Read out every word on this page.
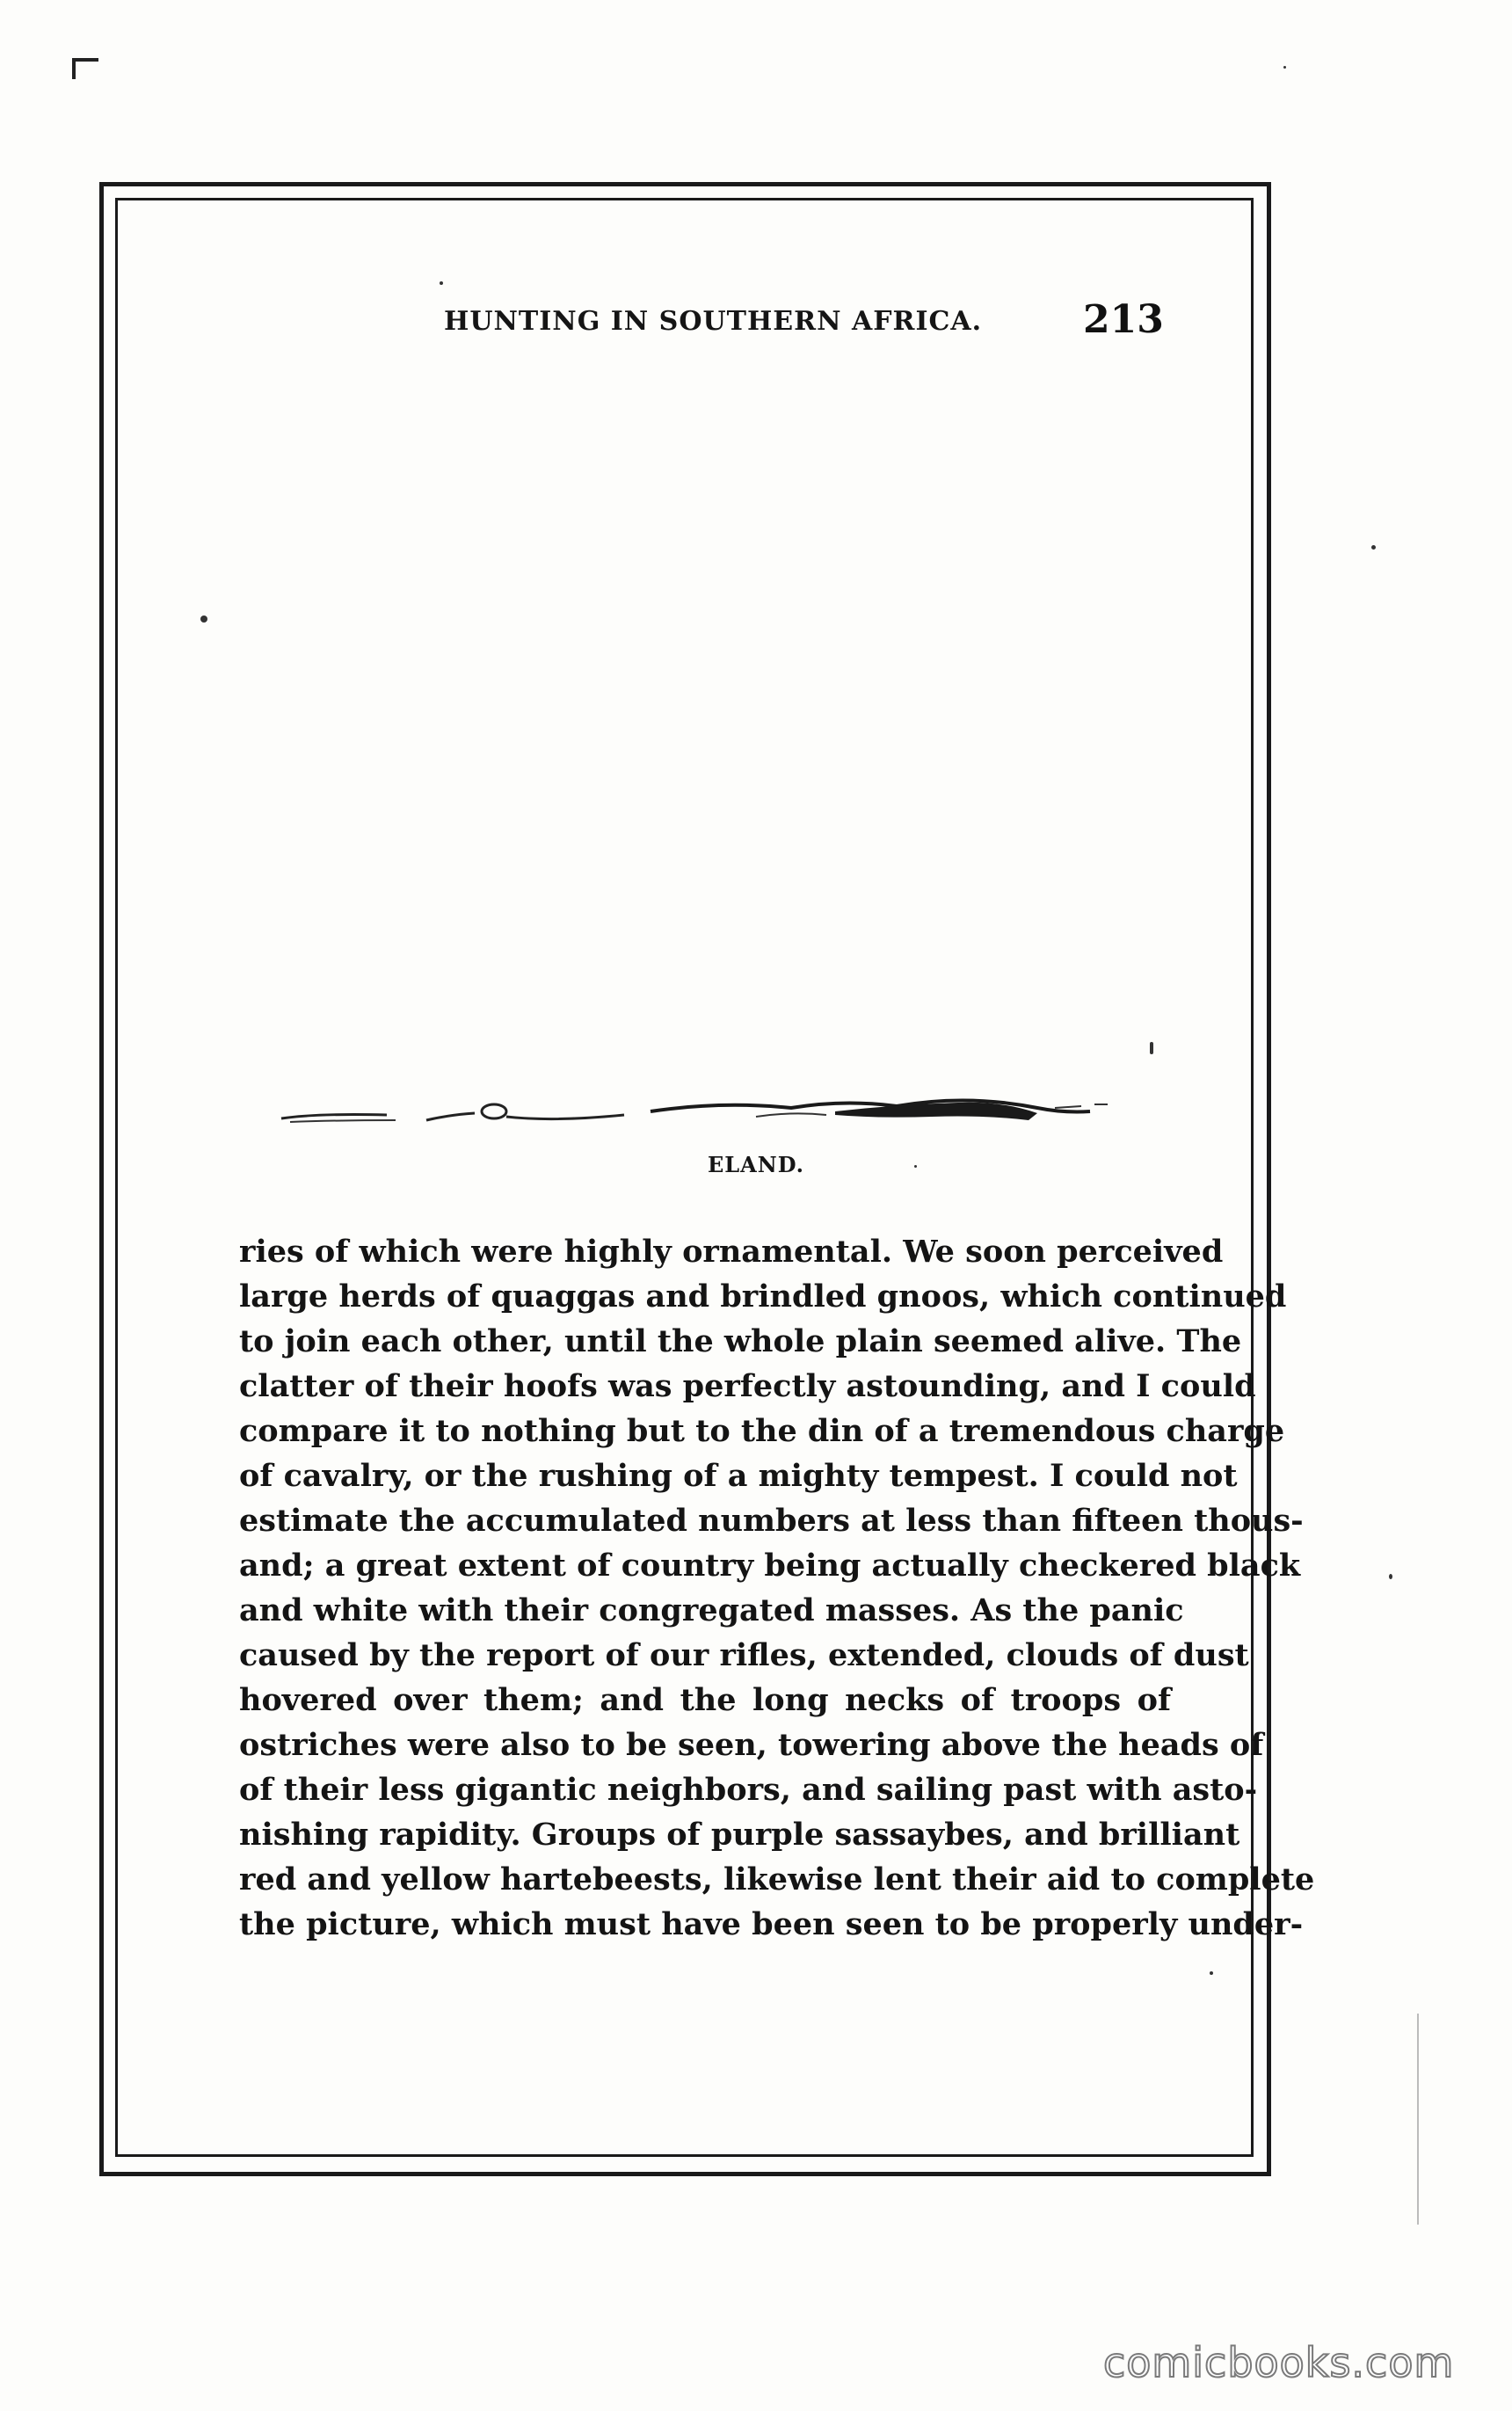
HUNTING IN SOUTHERN AFRICA.	213
ELAND.
ries of which were highly ornamental. We soon perceived
large herds of quaggas and brindled gnoos, which continued
to join each other, until the whole plain seemed alive. The
clatter of their hoofs was perfectly astounding, and I could
compare it to nothing but to the din of a tremendous charge
of cavalry, or the rushing of a mighty tempest. I could not
estimate the accumulated numbers at less than fifteen thous-
and; a great extent of country being actually checkered black
and white with their congregated masses. As the panic
caused by the report of our rifles, extended, clouds of dust
hovered over them; and the long necks of troops of
ostriches were also to be seen, towering above the heads of
of their less gigantic neighbors, and sailing past with asto-
nishing rapidity. Groups of purple sassaybes, and brilliant
red and yellow hartebeests, likewise lent their aid to complete
the picture, which must have been seen to be properly under-
comicbooks.com
